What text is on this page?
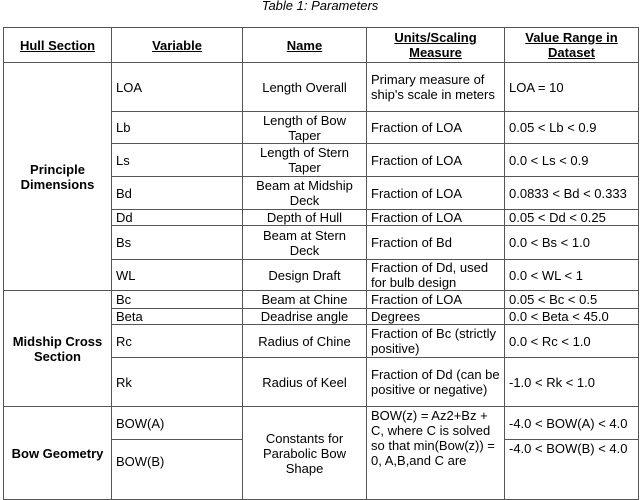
Table 1: Parameters
Hull Section	Variable	Name	Units/Scaling Measure	Value Range in Dataset
Principle Dimensions	LOA	Length Overall	Primary measure of ship's scale in meters	LOA = 10
	Lb	Length of Bow Taper	Fraction of LOA	0.05 < Lb < 0.9
	Ls	Length of Stern Taper	Fraction of LOA	0.0 < Ls < 0.9
	Bd	Beam at Midship Deck	Fraction of LOA	0.0833 < Bd < 0.333
	Dd	Depth of Hull	Fraction of LOA	0.05 < Dd < 0.25
	Bs	Beam at Stern Deck	Fraction of Bd	0.0 < Bs < 1.0
	WL	Design Draft	Fraction of Dd, used for bulb design	0.0 < WL < 1
Midship Cross Section	Bc	Beam at Chine	Fraction of LOA	0.05 < Bc < 0.5
	Beta	Deadrise angle	Degrees	0.0 < Beta < 45.0
	Rc	Radius of Chine	Fraction of Bc (strictly positive)	0.0 < Rc < 1.0
	Rk	Radius of Keel	Fraction of Dd (can be positive or negative)	-1.0 < Rk < 1.0
Bow Geometry	BOW(A)	Constants for Parabolic Bow Shape	BOW(z) = Az2+Bz + C, where C is solved so that min(Bow(z)) = 0, A,B,and C are	-4.0 < BOW(A) < 4.0
	BOW(B)			-4.0 < BOW(B) < 4.0
